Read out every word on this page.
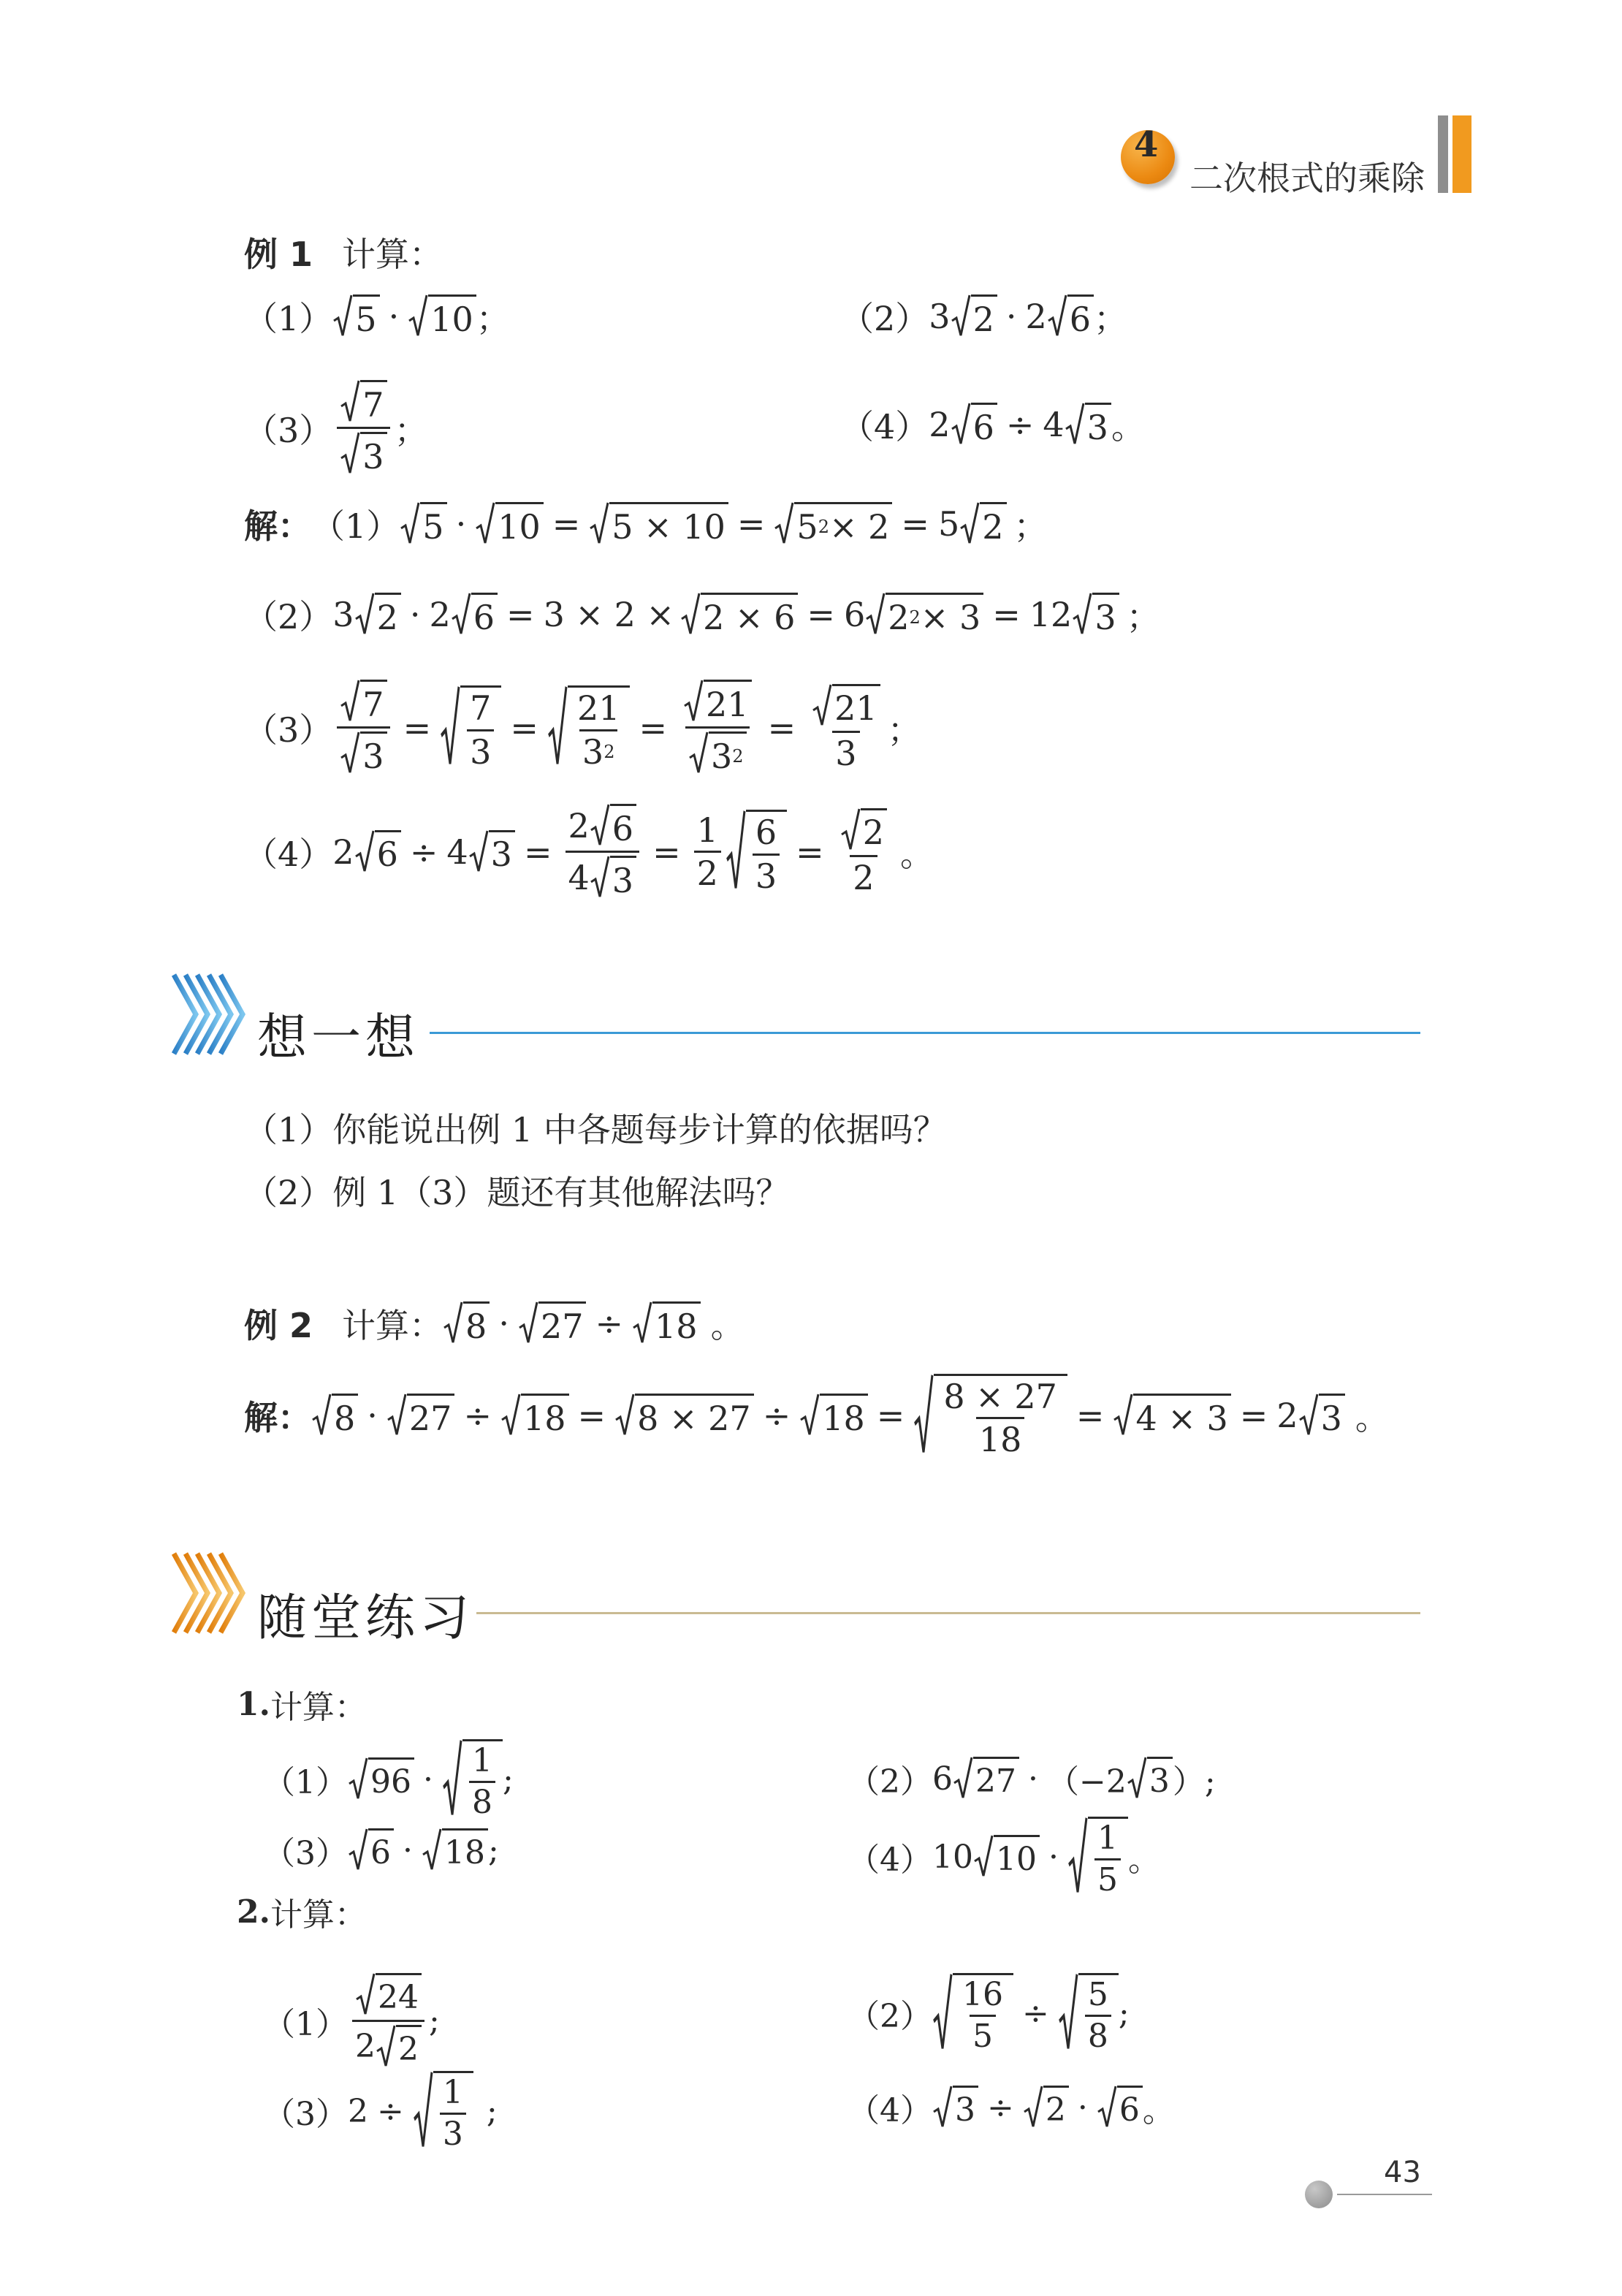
4
二次根式的乘除
例 1 计算：
（1） 5 · 10 ；	（2） 3 2 · 2 6 ；
$(3) \frac{7}{3}$ ；	（4） 2 6 ÷ 4 3 。
解： （1） 5 · 10 = 5 × 10 = 5 2 × 2 = 5 2 ；
（2） 3 2 · 2 6 = 3 × 2 × 2 × 6 = 6 2 2 × 3 = 12 3 ；
$(3) \frac{7}{3} = \frac{7}{3} = \frac{21}{3 2} = \frac{21}{3 2} = \frac{21}{3}$ ；
（4） 2 6 ÷ 4 $3 = \frac{2 6}{4 3} = \frac{1}{2} \frac{6}{3} = \frac{2}{2}$ 。
想一想
（1）你能说出例 1 中各题每步计算的依据吗？
（2）例 1（3）题还有其他解法吗？
例 2 计算： 8 · 27 ÷ 18 。
解： $8 \cdot 27 \div 18 = 8 \times 27 \div 18 = \frac{8 \times 27}{18} = 4 \times 3 = 2$ 3 。
随堂练习
1. 计算：
（1） $96 \cdot \frac{1}{8}$ ;	（2） 6 27 · （−2 3 ）;
（3） 6 · 18 ;	（4） 10 $10 \cdot \frac{1}{5}$ 。
2. 计算：
$(1) \frac{24}{2 2}$ ;	$(2) \frac{16}{5} \div \frac{5}{8}$ ;
（3） $2 \div \frac{1}{3}$ ;	（4） 3 ÷ 2 · 6 。
43
